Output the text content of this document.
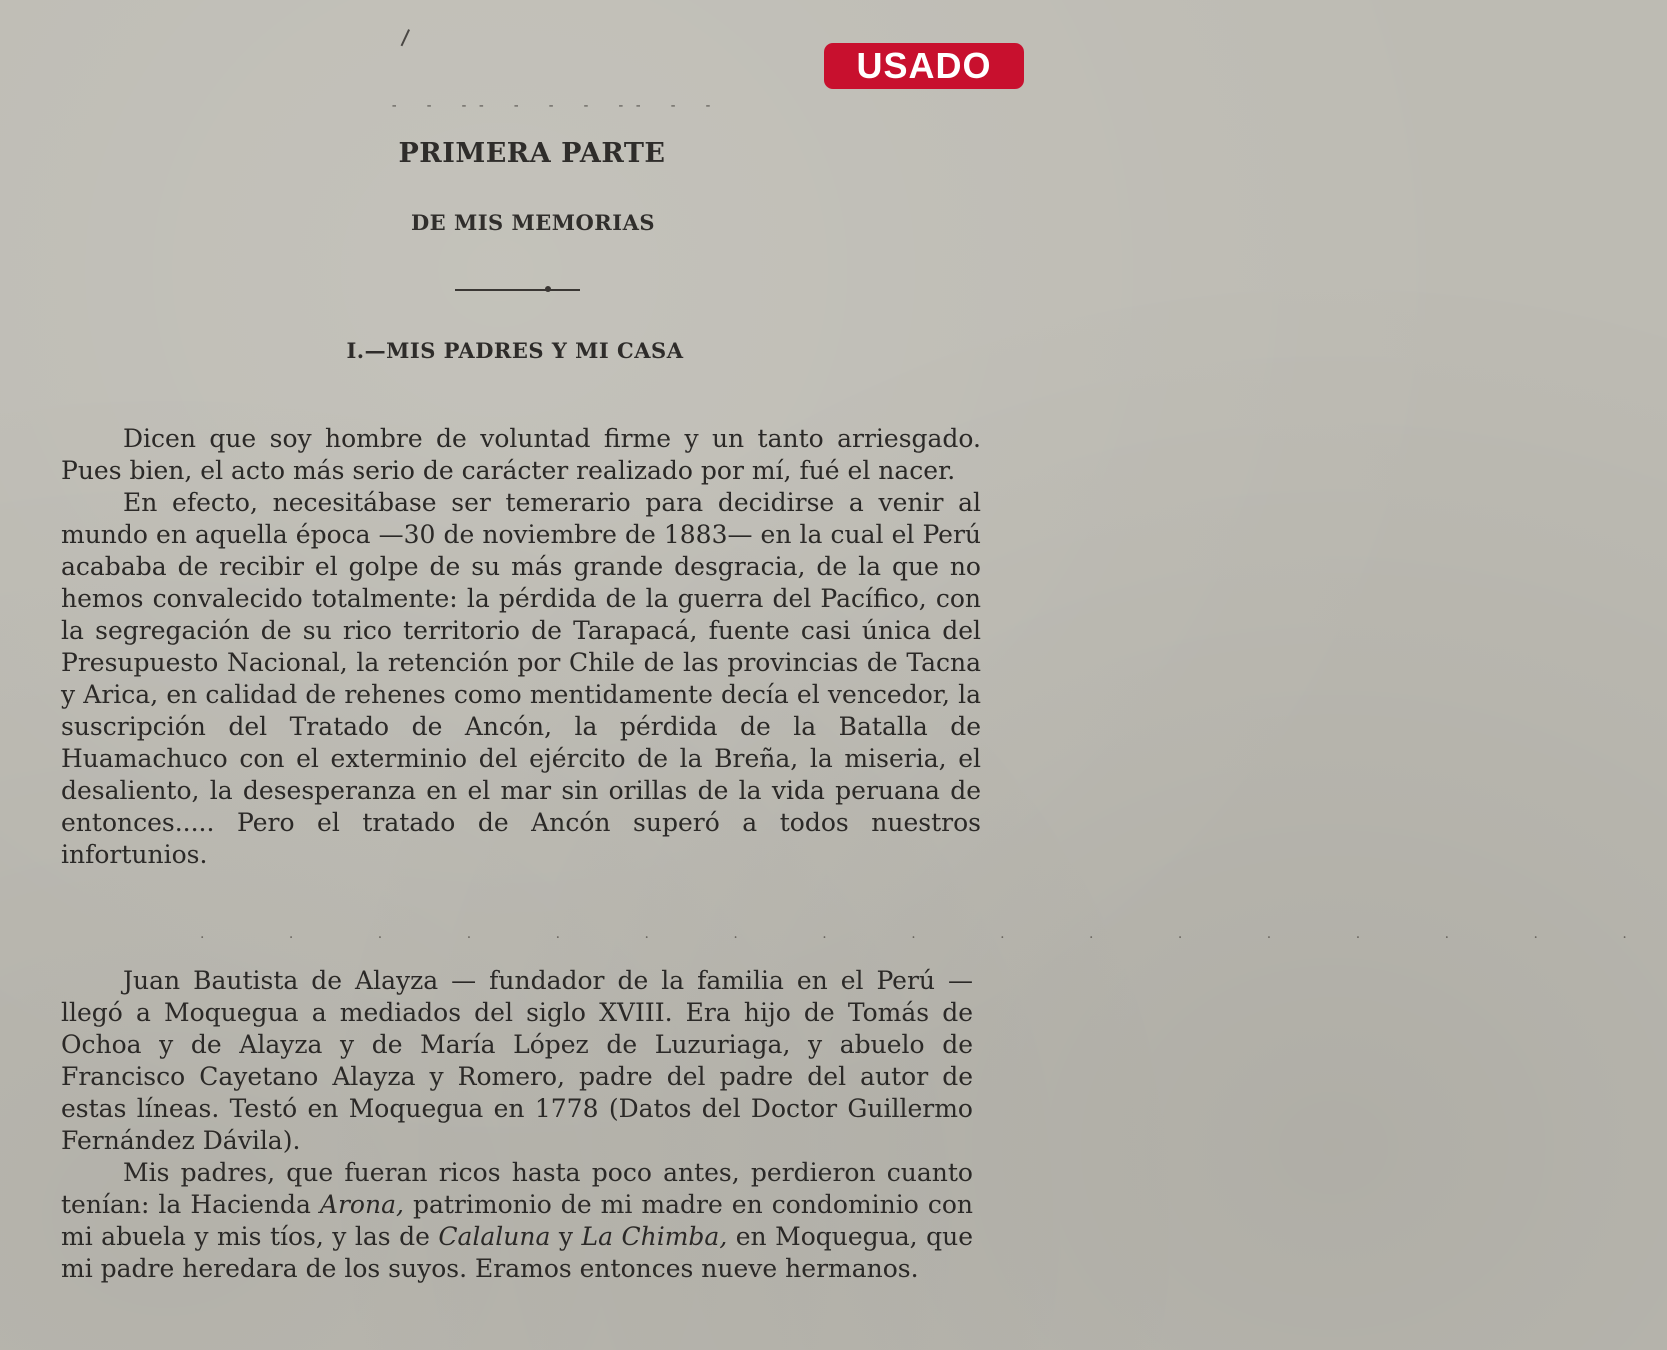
USADO
- - -- - - - -- - -
PRIMERA PARTE
DE MIS MEMORIAS
I.—MIS PADRES Y MI CASA

Dicen que soy hombre de voluntad firme y un tanto arriesgado. Pues bien, el acto más serio de carácter realizado por mí, fué el nacer.

En efecto, necesitábase ser temerario para decidirse a venir al mundo en aquella época —30 de noviembre de 1883— en la cual el Perú acababa de recibir el golpe de su más grande desgracia, de la que no hemos convalecido totalmente: la pérdida de la guerra del Pacífico, con la segregación de su rico territorio de Tarapacá, fuente casi única del Presupuesto Nacional, la retención por Chile de las provincias de Tacna y Arica, en calidad de rehenes como mentidamente decía el vencedor, la suscripción del Tratado de Ancón, la pérdida de la Batalla de Huamachuco con el exterminio del ejército de la Breña, la miseria, el desaliento, la desesperanza en el mar sin orillas de la vida peruana de entonces..... Pero el tratado de Ancón superó a todos nuestros infortunios.

· · · · · · · · · · · · · · · · ·

Juan Bautista de Alayza — fundador de la familia en el Perú — llegó a Moquegua a mediados del siglo XVIII. Era hijo de Tomás de Ochoa y de Alayza y de María López de Luzuriaga, y abuelo de Francisco Cayetano Alayza y Romero, padre del padre del autor de estas líneas. Testó en Moquegua en 1778 (Datos del Doctor Guillermo Fernández Dávila).

Mis padres, que fueran ricos hasta poco antes, perdieron cuanto tenían: la Hacienda Arona, patrimonio de mi madre en condominio con mi abuela y mis tíos, y las de Calaluna y La Chimba, en Moquegua, que mi padre heredara de los suyos. Eramos entonces nueve hermanos.
